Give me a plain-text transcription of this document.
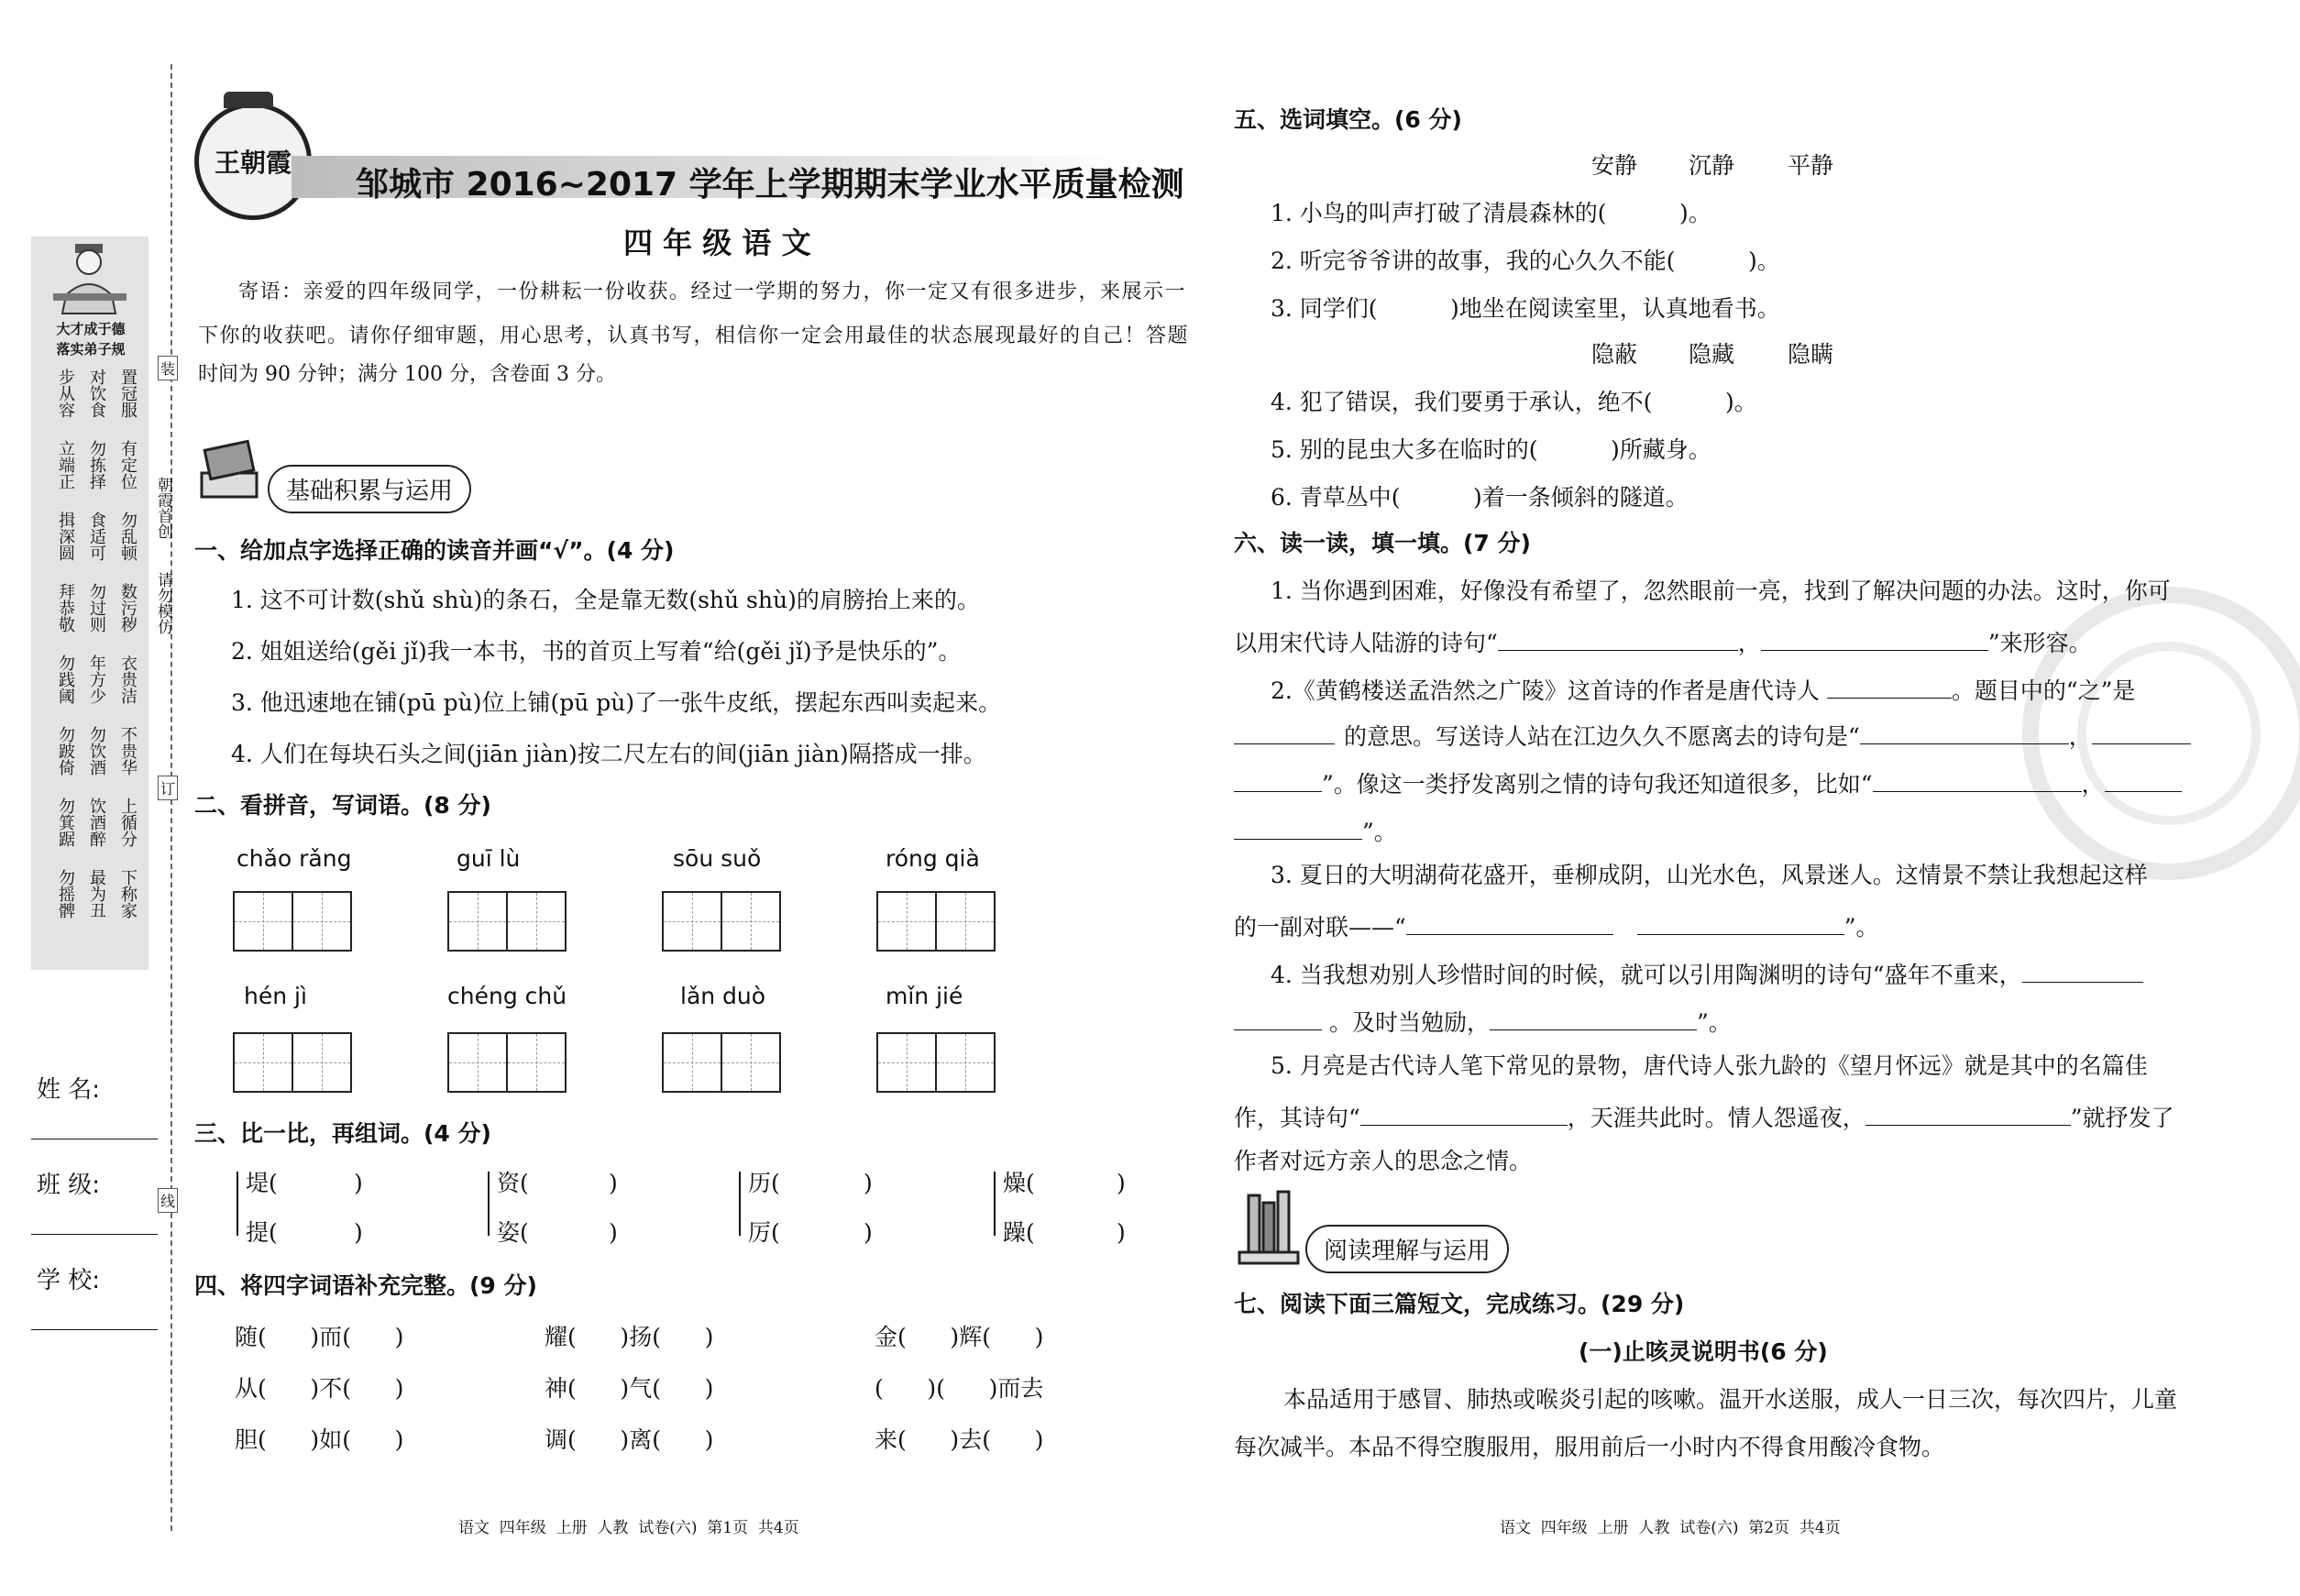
大才成于德
落实弟子规
步从容 对饮食 置冠服
立端正 勿拣择 有定位
揖深圆 食适可 勿乱顿
拜恭敬 勿过则 数污秽
勿践阈 年方少 衣贵洁
勿跛倚 勿饮酒 不贵华
勿箕踞 饮酒醉 上循分
勿摇髀 最为丑 下称家
姓 名:
班 级:
学 校:
装
订
线
朝霞首创
请勿模仿
王朝霞
邹城市 2016~2017 学年上学期期末学业水平质量检测
四 年 级 语 文
寄语：亲爱的四年级同学，一份耕耘一份收获。经过一学期的努力，你一定又有很多进步，来展示一
下你的收获吧。请你仔细审题，用心思考，认真书写，相信你一定会用最佳的状态展现最好的自己！答题
时间为 90 分钟；满分 100 分，含卷面 3 分。
基础积累与运用
一、给加点字选择正确的读音并画“√”。(4 分)
1. 这不可计数(shǔ shù)的条石，全是靠无数(shǔ shù)的肩膀抬上来的。
2. 姐姐送给(gěi jǐ)我一本书，书的首页上写着“给(gěi jǐ)予是快乐的”。
3. 他迅速地在铺(pū pù)位上铺(pū pù)了一张牛皮纸，摆起东西叫卖起来。
4. 人们在每块石头之间(jiān jiàn)按二尺左右的间(jiān jiàn)隔搭成一排。
二、看拼音，写词语。(8 分)
chǎo rǎng	guī lù	sōu suǒ	róng qià
hén jì	chéng chǔ	lǎn duò	mǐn jié
三、比一比，再组词。(4 分)
堤(	)
提(	)
资(	)
姿(	)
历(	)
厉(	)
燥(	)
躁(	)
四、将四字词语补充完整。(9 分)
随(      )而(      )	耀(      )扬(      )	金(      )辉(      )
从(      )不(      )	神(      )气(      )	(      )(      )而去
胆(      )如(      )	调(      )离(      )	来(      )去(      )
语文  四年级  上册  人教  试卷(六)  第1页  共4页
五、选词填空。(6 分)
安静 沉静 平静
1. 小鸟的叫声打破了清晨森林的(          )。
2. 听完爷爷讲的故事，我的心久久不能(          )。
3. 同学们(          )地坐在阅读室里，认真地看书。
隐蔽 隐藏 隐瞒
4. 犯了错误，我们要勇于承认，绝不(          )。
5. 别的昆虫大多在临时的(          )所藏身。
6. 青草丛中(          )着一条倾斜的隧道。
六、读一读，填一填。(7 分)
1. 当你遇到困难，好像没有希望了，忽然眼前一亮，找到了解决问题的办法。这时，你可
以用宋代诗人陆游的诗句“	，	”来形容。
2.《黄鹤楼送孟浩然之广陵》这首诗的作者是唐代诗人	。题目中的“之”是
的意思。写送诗人站在江边久久不愿离去的诗句是“	，
”。像这一类抒发离别之情的诗句我还知道很多，比如“	，
”。
3. 夏日的大明湖荷花盛开，垂柳成阴，山光水色，风景迷人。这情景不禁让我想起这样
的一副对联——“	”。
4. 当我想劝别人珍惜时间的时候，就可以引用陶渊明的诗句“盛年不重来，
。及时当勉励，	”。
5. 月亮是古代诗人笔下常见的景物，唐代诗人张九龄的《望月怀远》就是其中的名篇佳
作，其诗句“	，天涯共此时。情人怨遥夜，	”就抒发了
作者对远方亲人的思念之情。
阅读理解与运用
七、阅读下面三篇短文，完成练习。(29 分)
(一)止咳灵说明书(6 分)
本品适用于感冒、肺热或喉炎引起的咳嗽。温开水送服，成人一日三次，每次四片，儿童
每次减半。本品不得空腹服用，服用前后一小时内不得食用酸冷食物。
语文  四年级  上册  人教  试卷(六)  第2页  共4页
